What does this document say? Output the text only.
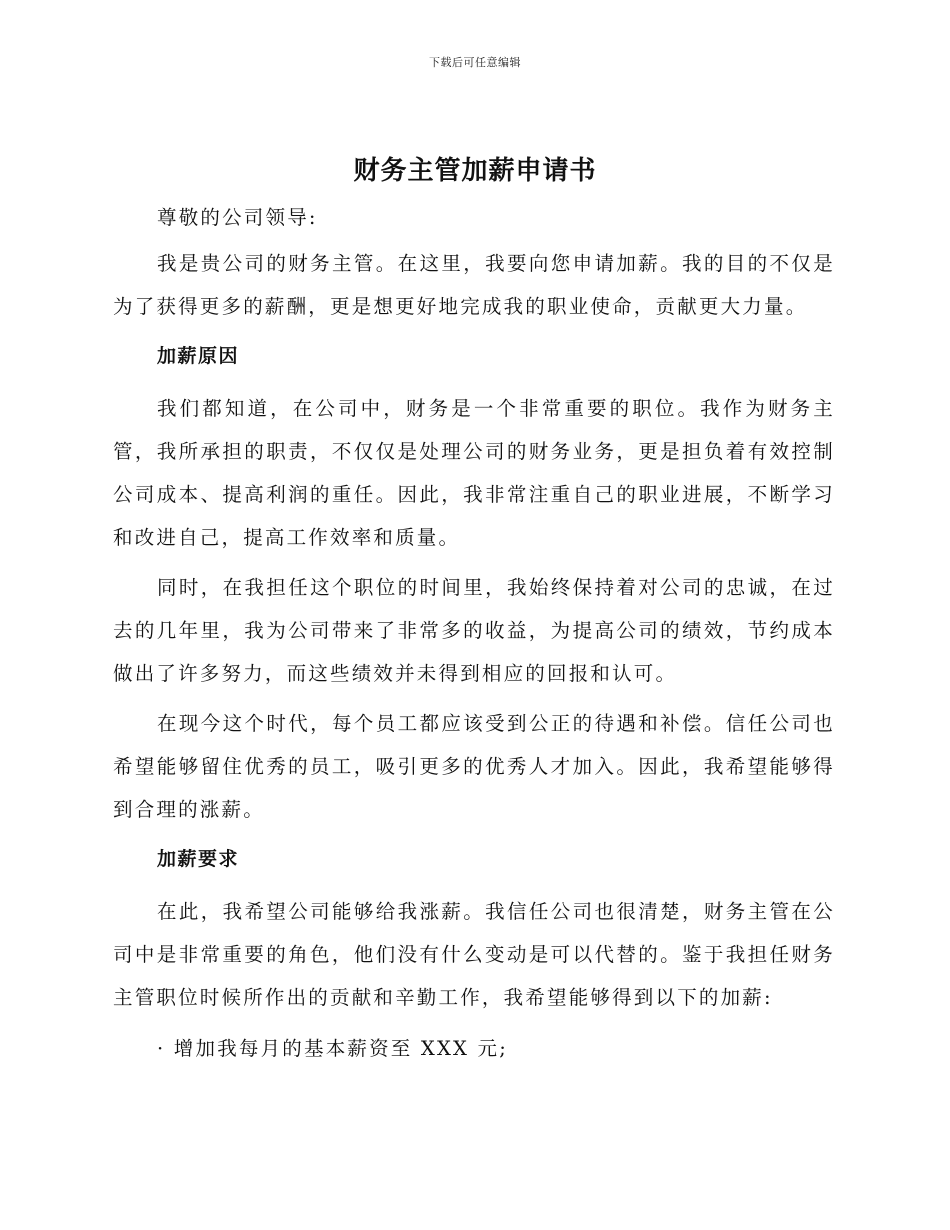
下载后可任意编辑
财务主管加薪申请书
尊敬的公司领导:
我是贵公司的财务主管。在这里，我要向您申请加薪。我的目的不仅是为了获得更多的薪酬，更是想更好地完成我的职业使命，贡献更大力量。
加薪原因
我们都知道，在公司中，财务是一个非常重要的职位。我作为财务主管，我所承担的职责，不仅仅是处理公司的财务业务，更是担负着有效控制公司成本、提高利润的重任。因此，我非常注重自己的职业进展，不断学习和改进自己，提高工作效率和质量。
同时，在我担任这个职位的时间里，我始终保持着对公司的忠诚，在过去的几年里，我为公司带来了非常多的收益，为提高公司的绩效，节约成本做出了许多努力，而这些绩效并未得到相应的回报和认可。
在现今这个时代，每个员工都应该受到公正的待遇和补偿。信任公司也希望能够留住优秀的员工，吸引更多的优秀人才加入。因此，我希望能够得到合理的涨薪。
加薪要求
在此，我希望公司能够给我涨薪。我信任公司也很清楚，财务主管在公司中是非常重要的角色，他们没有什么变动是可以代替的。鉴于我担任财务主管职位时候所作出的贡献和辛勤工作，我希望能够得到以下的加薪:
· 增加我每月的基本薪资至 XXX 元;
